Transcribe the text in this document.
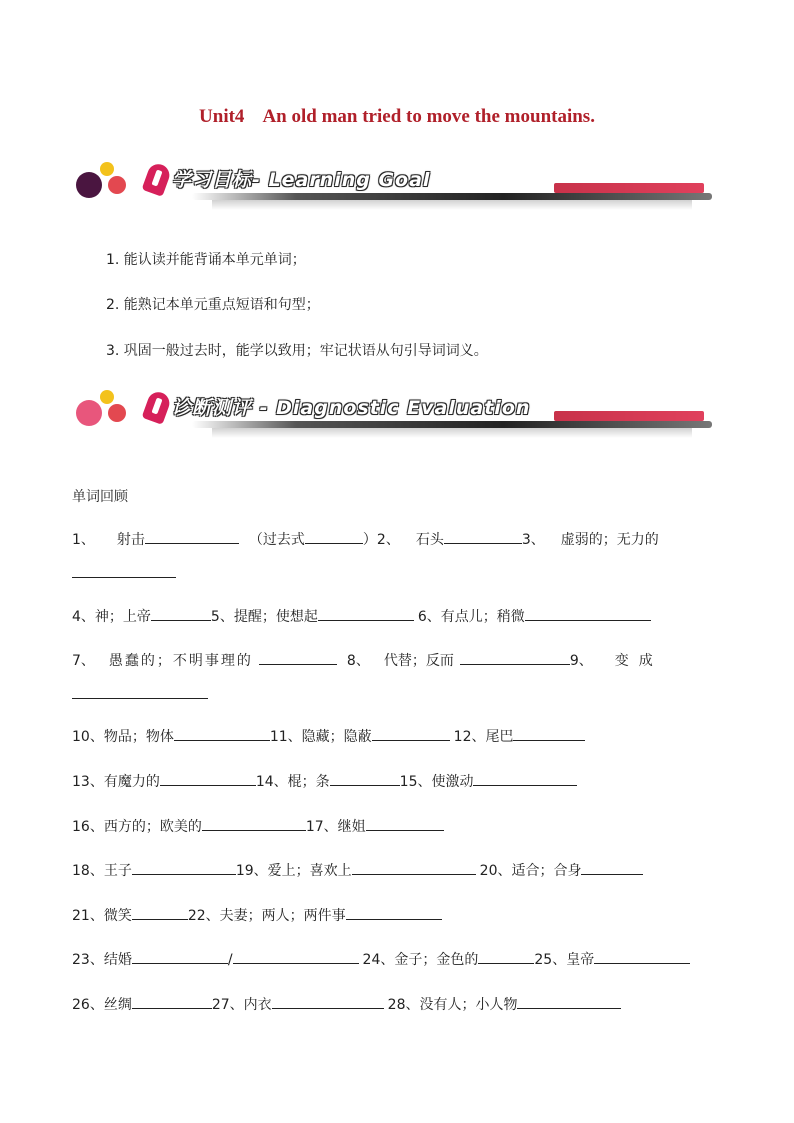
Unit4 An old man tried to move the mountains.
学习目标- Learning Goal
1. 能认读并能背诵本单元单词；
2. 能熟记本单元重点短语和句型；
3. 巩固一般过去时，能学以致用；牢记状语从句引导词词义。
诊断测评 - Diagnostic Evaluation
单词回顾
1、 射击	（过去式	）2、 石头	3、 虚弱的；无力的
4、神；上帝	5、提醒；使想起	6、有点儿；稍微
7、 愚蠢的；不明事理的	8、 代替；反而	9、 变成
10、物品；物体	11、隐藏；隐蔽	12、尾巴
13、有魔力的	14、棍；条	15、使激动
16、西方的；欧美的	17、继姐
18、王子	19、爱上；喜欢上	20、适合；合身
21、微笑	22、夫妻；两人；两件事
23、结婚	/	24、金子；金色的	25、皇帝
26、丝绸	27、内衣	28、没有人；小人物
